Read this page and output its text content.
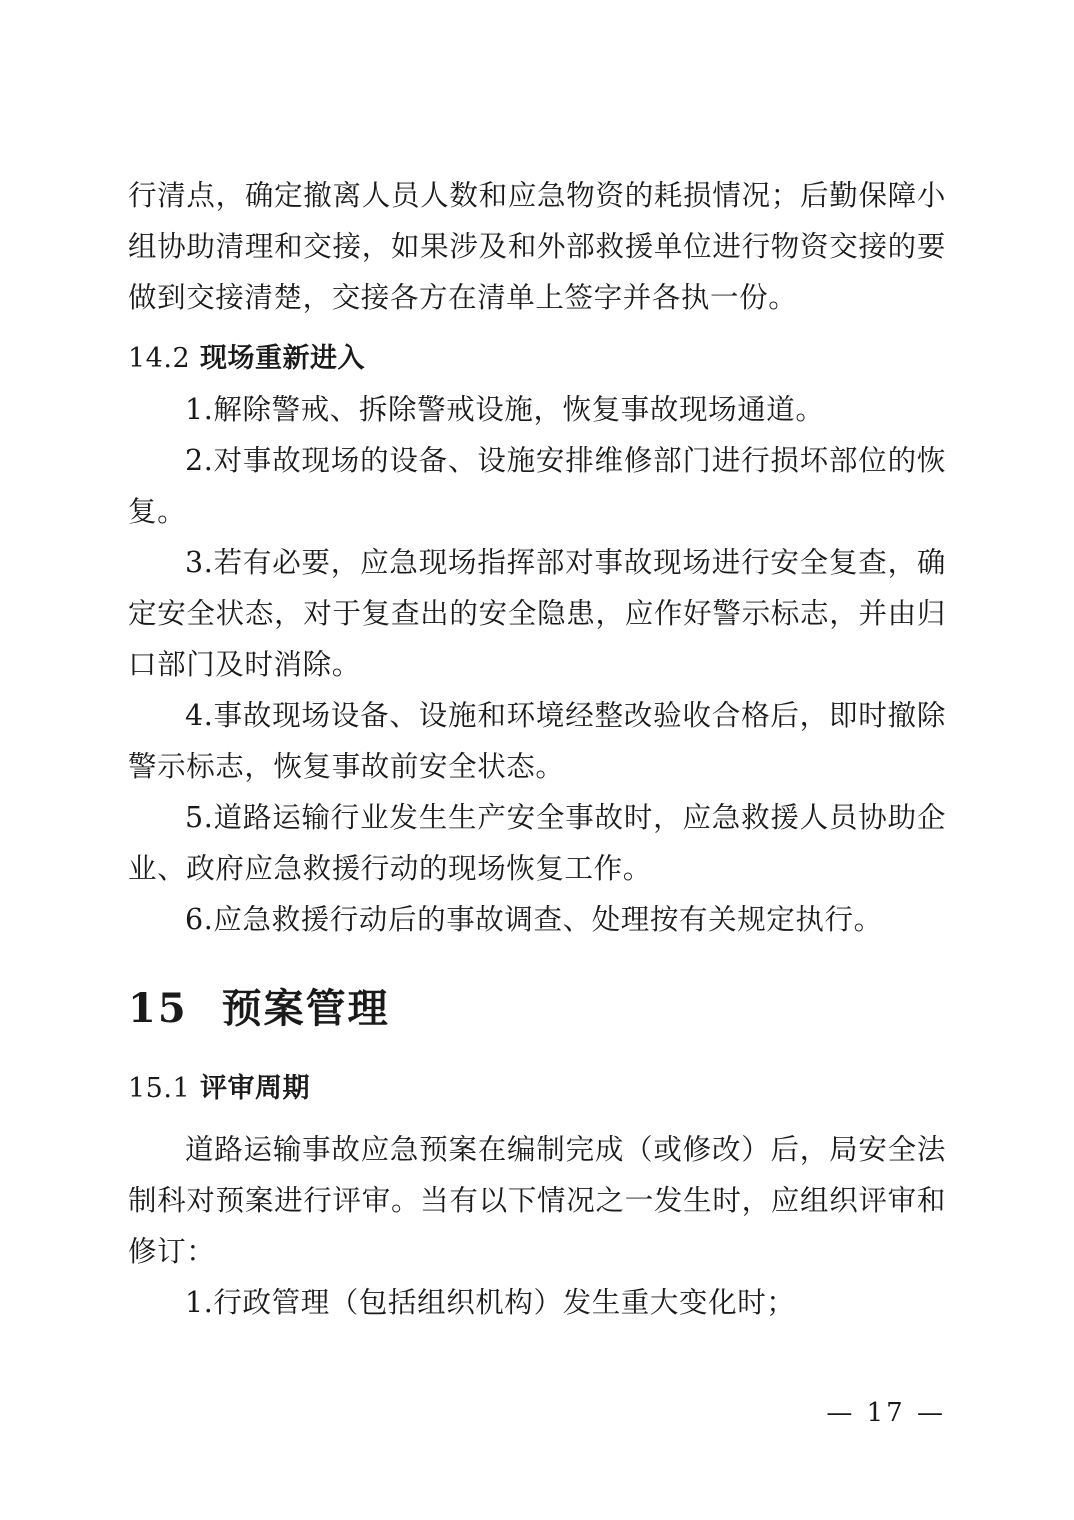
行清点，确定撤离人员人数和应急物资的耗损情况；后勤保障小组协助清理和交接，如果涉及和外部救援单位进行物资交接的要做到交接清楚，交接各方在清单上签字并各执一份。

14.2 现场重新进入

1.解除警戒、拆除警戒设施，恢复事故现场通道。

2.对事故现场的设备、设施安排维修部门进行损坏部位的恢复。

3.若有必要，应急现场指挥部对事故现场进行安全复查，确定安全状态，对于复查出的安全隐患，应作好警示标志，并由归口部门及时消除。

4.事故现场设备、设施和环境经整改验收合格后，即时撤除警示标志，恢复事故前安全状态。

5.道路运输行业发生生产安全事故时，应急救援人员协助企业、政府应急救援行动的现场恢复工作。

6.应急救援行动后的事故调查、处理按有关规定执行。

15 预案管理
15.1 评审周期

道路运输事故应急预案在编制完成（或修改）后，局安全法制科对预案进行评审。当有以下情况之一发生时，应组织评审和修订：

1.行政管理（包括组织机构）发生重大变化时；

— 17 —
